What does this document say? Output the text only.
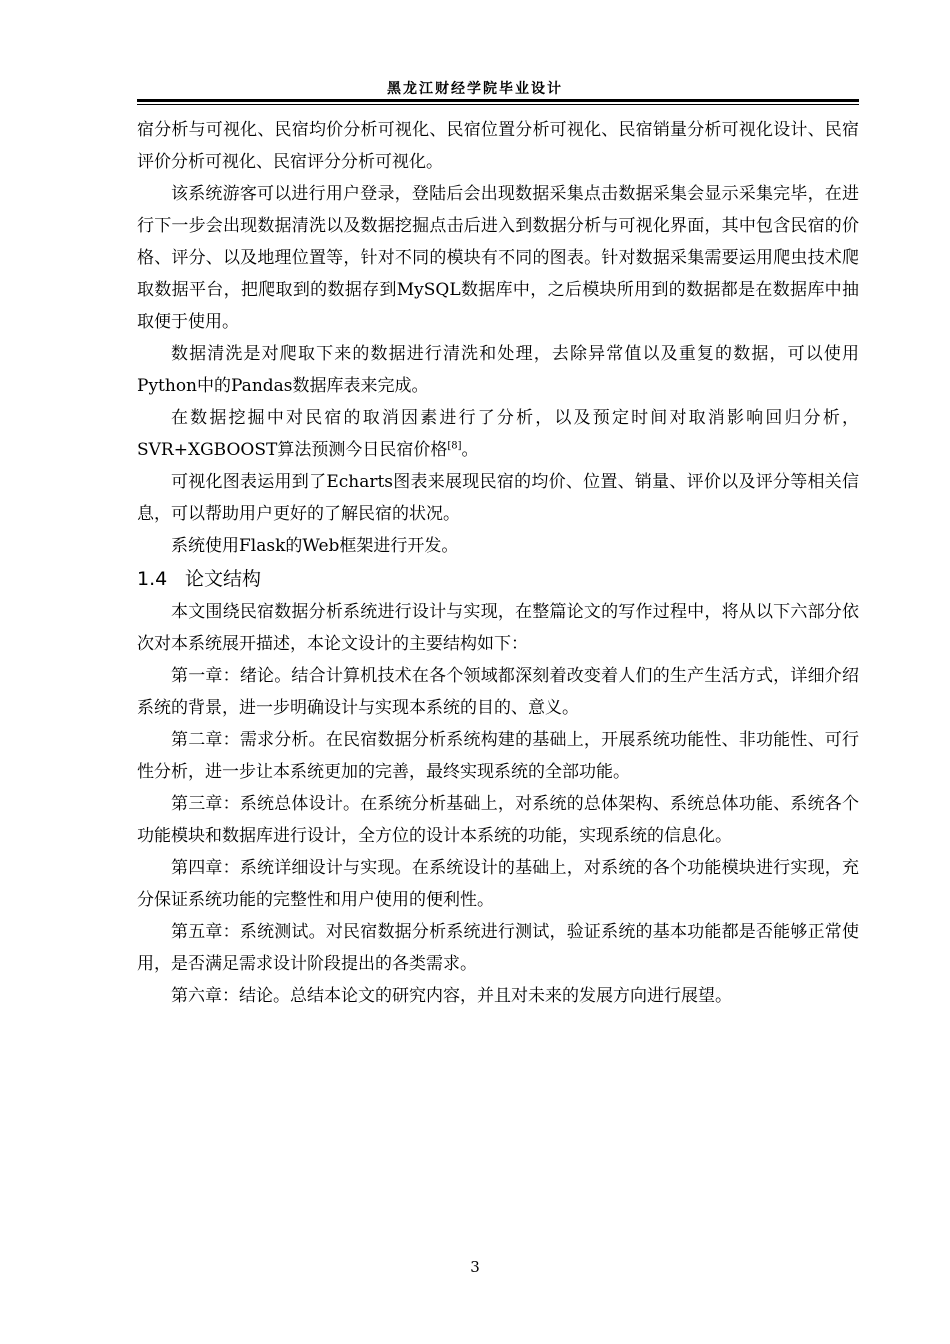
黑龙江财经学院毕业设计

宿分析与可视化、民宿均价分析可视化、民宿位置分析可视化、民宿销量分析可视化设计、民宿评价分析可视化、民宿评分分析可视化。

该系统游客可以进行用户登录，登陆后会出现数据采集点击数据采集会显示采集完毕，在进行下一步会出现数据清洗以及数据挖掘点击后进入到数据分析与可视化界面，其中包含民宿的价格、评分、以及地理位置等，针对不同的模块有不同的图表。针对数据采集需要运用爬虫技术爬取数据平台，把爬取到的数据存到MySQL数据库中，之后模块所用到的数据都是在数据库中抽取便于使用。

数据清洗是对爬取下来的数据进行清洗和处理，去除异常值以及重复的数据，可以使用Python中的Pandas数据库表来完成。

在数据挖掘中对民宿的取消因素进行了分析，以及预定时间对取消影响回归分析，SVR+XGBOOST算法预测今日民宿价格[8]。

可视化图表运用到了Echarts图表来展现民宿的均价、位置、销量、评价以及评分等相关信息，可以帮助用户更好的了解民宿的状况。

系统使用Flask的Web框架进行开发。

1.4 论文结构

本文围绕民宿数据分析系统进行设计与实现，在整篇论文的写作过程中，将从以下六部分依次对本系统展开描述，本论文设计的主要结构如下：

第一章：绪论。结合计算机技术在各个领域都深刻着改变着人们的生产生活方式，详细介绍系统的背景，进一步明确设计与实现本系统的目的、意义。

第二章：需求分析。在民宿数据分析系统构建的基础上，开展系统功能性、非功能性、可行性分析，进一步让本系统更加的完善，最终实现系统的全部功能。

第三章：系统总体设计。在系统分析基础上，对系统的总体架构、系统总体功能、系统各个功能模块和数据库进行设计，全方位的设计本系统的功能，实现系统的信息化。

第四章：系统详细设计与实现。在系统设计的基础上，对系统的各个功能模块进行实现，充分保证系统功能的完整性和用户使用的便利性。

第五章：系统测试。对民宿数据分析系统进行测试，验证系统的基本功能都是否能够正常使用，是否满足需求设计阶段提出的各类需求。

第六章：结论。总结本论文的研究内容，并且对未来的发展方向进行展望。

3
